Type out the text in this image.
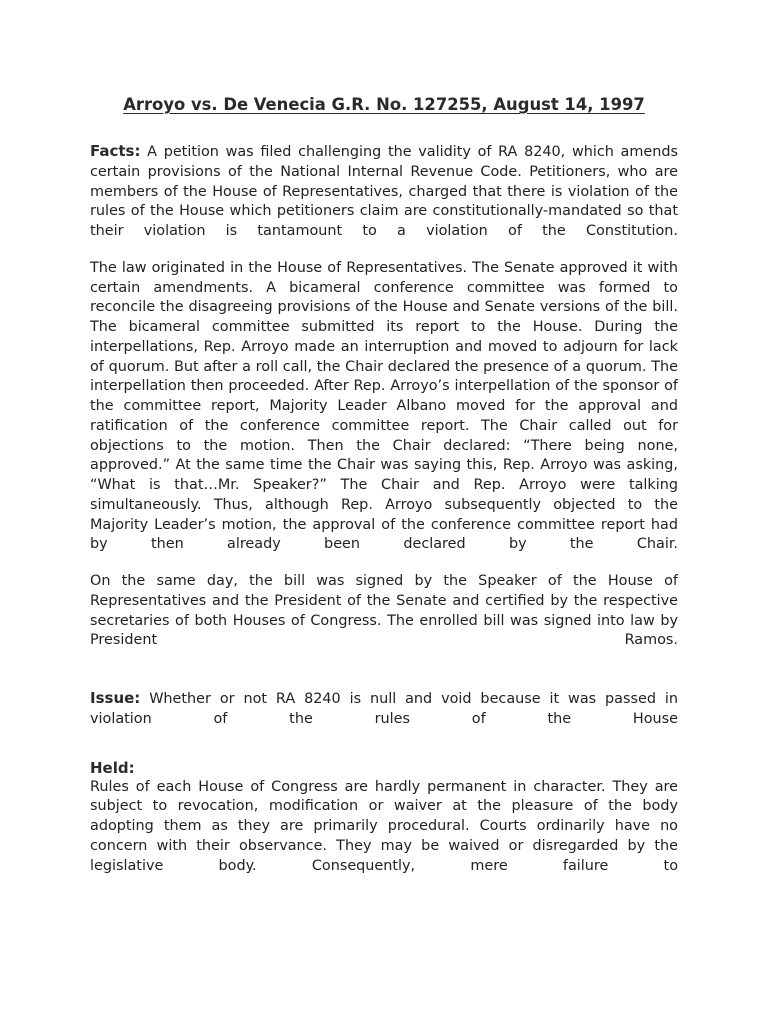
Arroyo vs. De Venecia G.R. No. 127255, August 14, 1997

Facts: A petition was filed challenging the validity of RA 8240, which amends certain provisions of the National Internal Revenue Code. Petitioners, who are members of the House of Representatives, charged that there is violation of the rules of the House which petitioners claim are constitutionally-mandated so that their violation is tantamount to a violation of the Constitution.

The law originated in the House of Representatives. The Senate approved it with certain amendments. A bicameral conference committee was formed to reconcile the disagreeing provisions of the House and Senate versions of the bill. The bicameral committee submitted its report to the House. During the interpellations, Rep. Arroyo made an interruption and moved to adjourn for lack of quorum. But after a roll call, the Chair declared the presence of a quorum. The interpellation then proceeded. After Rep. Arroyo’s interpellation of the sponsor of the committee report, Majority Leader Albano moved for the approval and ratification of the conference committee report. The Chair called out for objections to the motion. Then the Chair declared: “There being none, approved.” At the same time the Chair was saying this, Rep. Arroyo was asking, “What is that…Mr. Speaker?” The Chair and Rep. Arroyo were talking simultaneously. Thus, although Rep. Arroyo subsequently objected to the Majority Leader’s motion, the approval of the conference committee report had by then already been declared by the Chair.

On the same day, the bill was signed by the Speaker of the House of Representatives and the President of the Senate and certified by the respective secretaries of both Houses of Congress. The enrolled bill was signed into law by President Ramos.

Issue: Whether or not RA 8240 is null and void because it was passed in violation of the rules of the House

Held:

Rules of each House of Congress are hardly permanent in character. They are subject to revocation, modification or waiver at the pleasure of the body adopting them as they are primarily procedural. Courts ordinarily have no concern with their observance. They may be waived or disregarded by the legislative body. Consequently, mere failure to
